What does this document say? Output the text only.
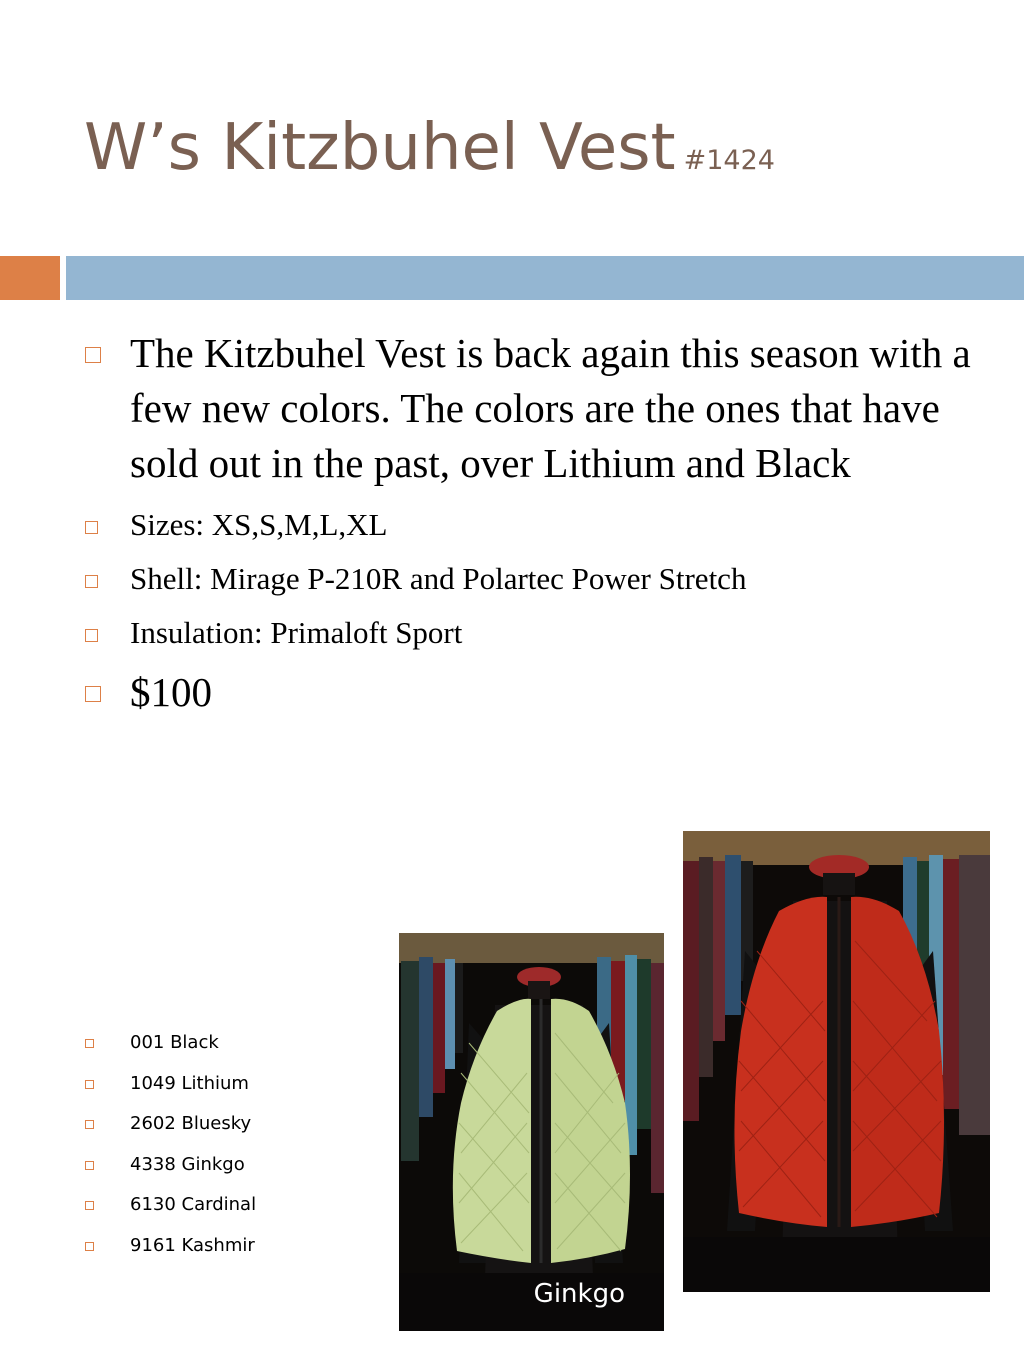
W’s Kitzbuhel Vest #1424
The Kitzbuhel Vest is back again this season with a few new colors. The colors are the ones that have sold out in the past, over Lithium and Black
Sizes: XS,S,M,L,XL
Shell: Mirage P-210R and Polartec Power Stretch
Insulation: Primaloft Sport
$100
001 Black
1049 Lithium
2602 Bluesky
4338 Ginkgo
6130 Cardinal
9161 Kashmir
Ginkgo
